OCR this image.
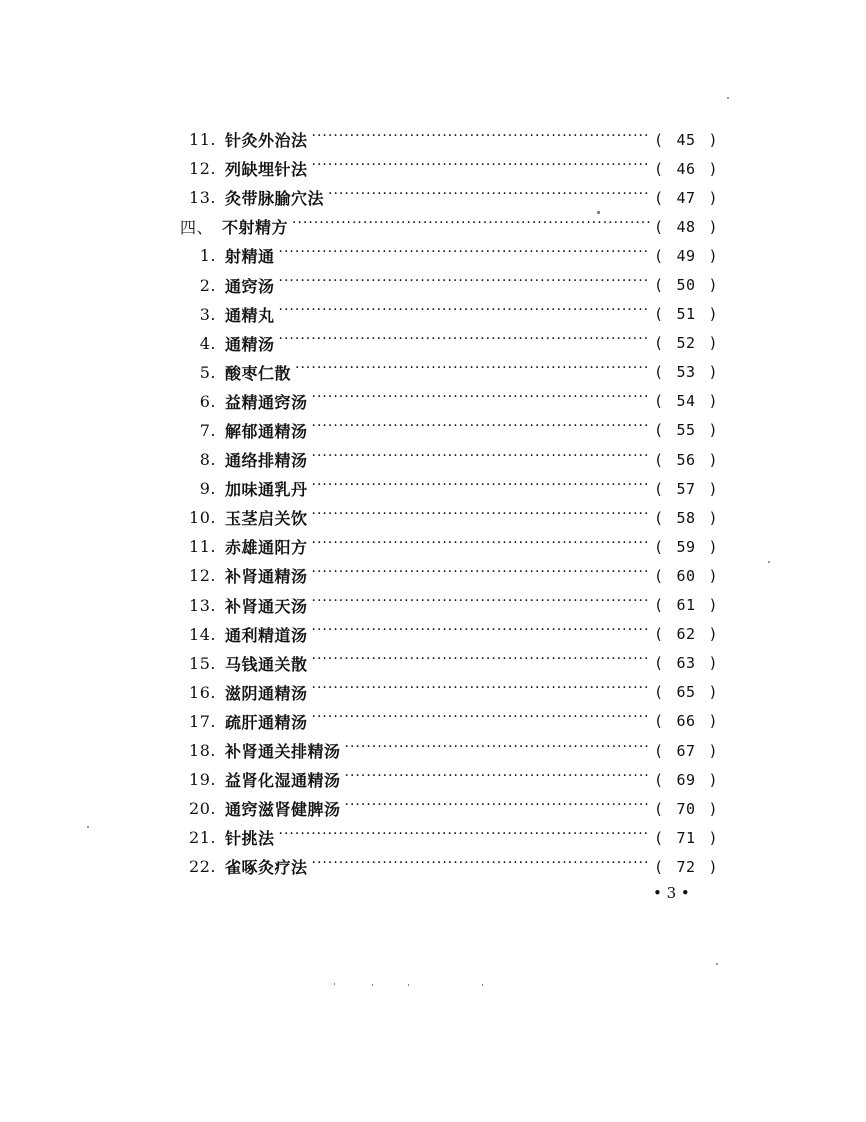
11. 针灸外治法 ·····	( 45 )
12. 列缺埋针法 ·····	( 46 )
13. 灸带脉腧穴法 ·····	( 47 )
四、 不射精方 ·····	( 48 )
1. 射精通 ·····	( 49 )
2. 通窍汤 ·····	( 50 )
3. 通精丸 ·····	( 51 )
4. 通精汤 ·····	( 52 )
5. 酸枣仁散 ·····	( 53 )
6. 益精通窍汤 ·····	( 54 )
7. 解郁通精汤 ·····	( 55 )
8. 通络排精汤 ·····	( 56 )
9. 加味通乳丹 ·····	( 57 )
10. 玉茎启关饮 ·····	( 58 )
11. 赤雄通阳方 ·····	( 59 )
12. 补肾通精汤 ·····	( 60 )
13. 补肾通天汤 ·····	( 61 )
14. 通利精道汤 ·····	( 62 )
15. 马钱通关散 ·····	( 63 )
16. 滋阴通精汤 ·····	( 65 )
17. 疏肝通精汤 ·····	( 66 )
18. 补肾通关排精汤 ·····	( 67 )
19. 益肾化湿通精汤 ·····	( 69 )
20. 通窍滋肾健脾汤 ·····	( 70 )
21. 针挑法 ·····	( 71 )
22. 雀啄灸疗法 ·····	( 72 )
• 3 •
